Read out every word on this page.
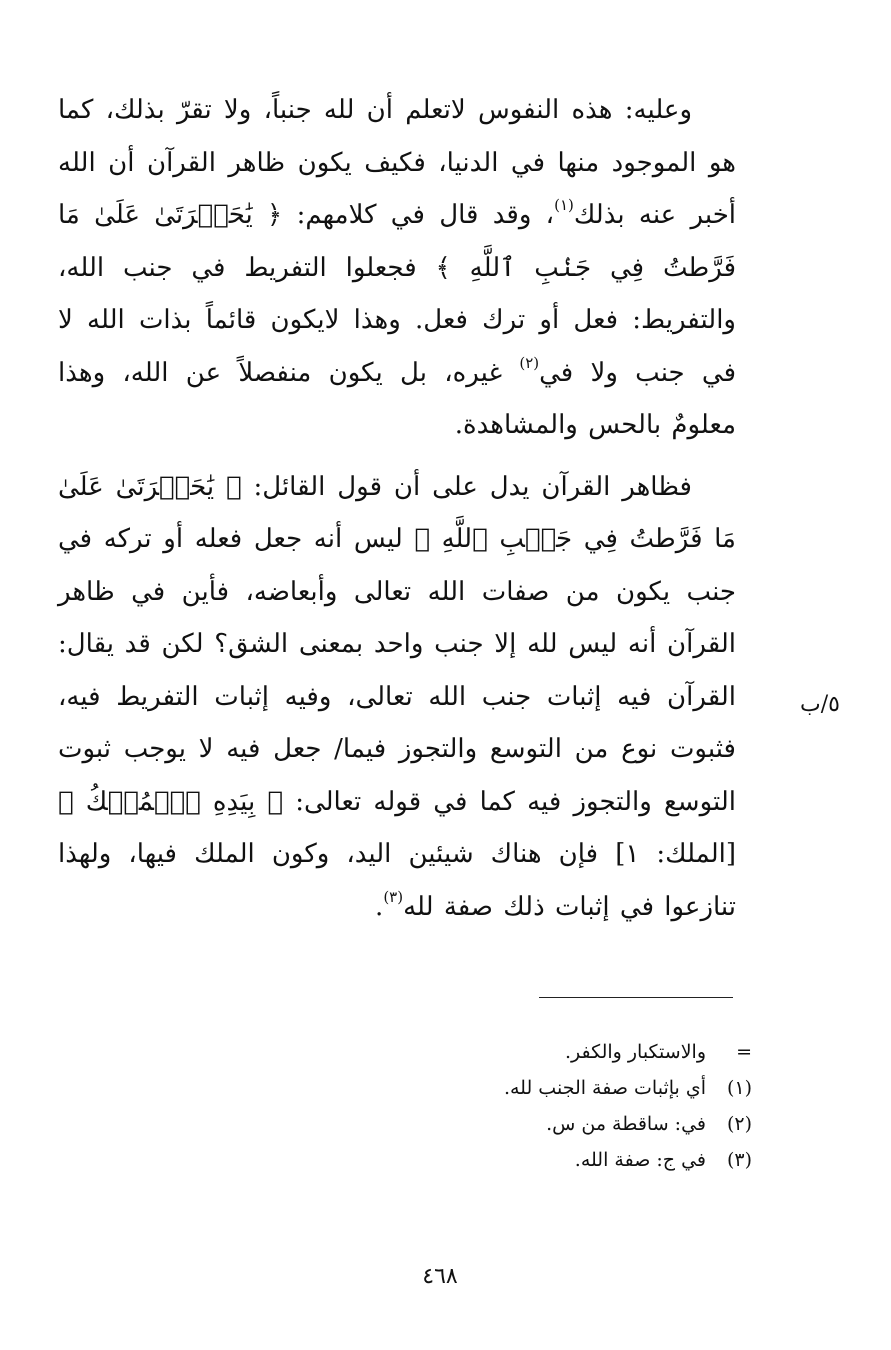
وعليه: هذه النفوس لاتعلم أن لله جنباً، ولا تقرّ بذلك، كما هو الموجود منها في الدنيا، فكيف يكون ظاهر القرآن أن الله أخبر عنه بذلك$^{(١)}$، وقد قال في كلامهم: ﴿ يَٰحَسۡرَتَىٰ عَلَىٰ مَا فَرَّطتُ فِي جَنۢبِ ٱللَّهِ ﴾ فجعلوا التفريط في جنب الله، والتفريط: فعل أو ترك فعل. وهذا لايكون قائماً بذات الله لا في جنب ولا في$^{(٢)}$ غيره، بل يكون منفصلاً عن الله، وهذا معلومٌ بالحس والمشاهدة.

فظاهر القرآن يدل على أن قول القائل: ﴿ يَٰحَسۡرَتَىٰ عَلَىٰ مَا فَرَّطتُ فِي جَنۢبِ ٱللَّهِ ﴾ ليس أنه جعل فعله أو تركه في جنب يكون من صفات الله تعالى وأبعاضه، فأين في ظاهر القرآن أنه ليس لله إلا جنب واحد بمعنى الشق؟ لكن قد يقال: القرآن فيه إثبات جنب الله تعالى، وفيه إثبات التفريط فيه، فثبوت نوع من التوسع والتجوز فيما/ جعل فيه لا يوجب ثبوت التوسع والتجوز فيه كما في قوله تعالى: ﴿ بِيَدِهِ ٱلۡمُلۡكُ ﴾ [الملك: ١] فإن هناك شيئين اليد، وكون الملك فيها، ولهذا تنازعوا في إثبات ذلك صفة لله$^{(٣)}$.

٥/ب
=والاستكبار والكفر.
(١)أي بإثبات صفة الجنب لله.
(٢)في: ساقطة من س.
(٣)في ج: صفة الله.
٤٦٨
